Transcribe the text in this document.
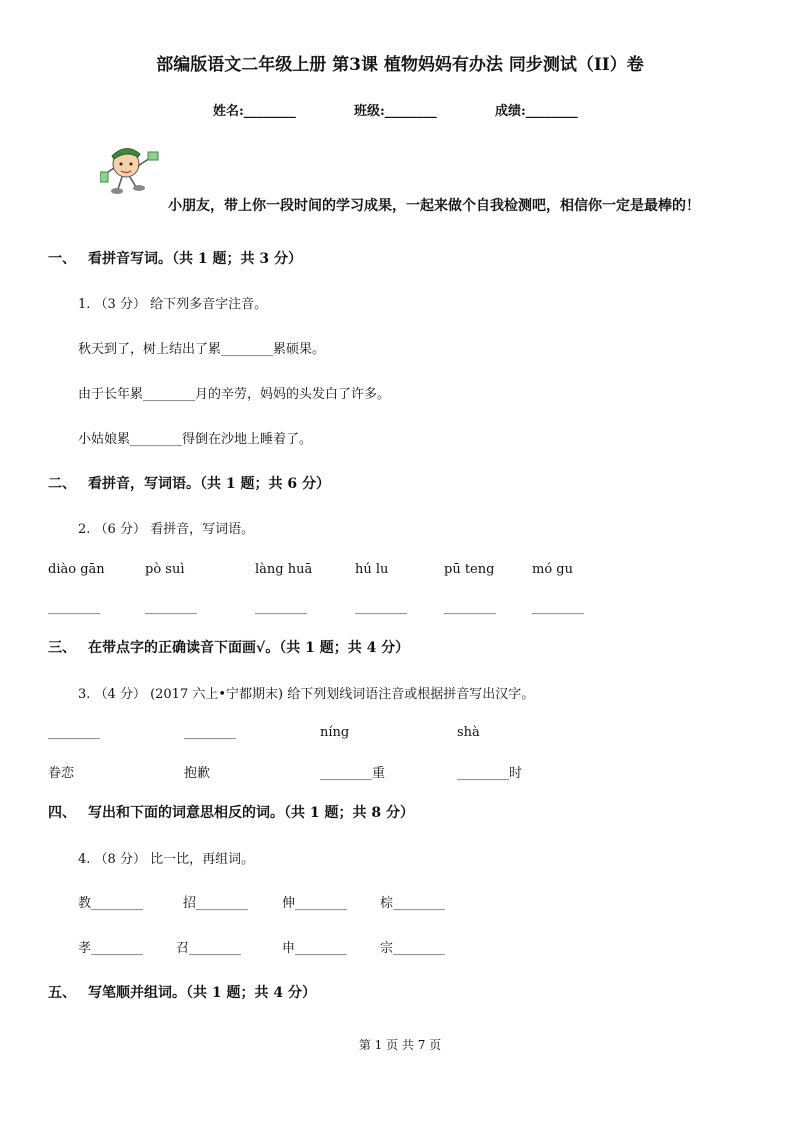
部编版语文二年级上册 第3课 植物妈妈有办法 同步测试（II）卷
姓名:________	班级:________	成绩:________
小朋友，带上你一段时间的学习成果，一起来做个自我检测吧，相信你一定是最棒的！
一、 看拼音写词。（共 1 题；共 3 分）
1. （3 分） 给下列多音字注音。
秋天到了，树上结出了累________累硕果。
由于长年累________月的辛劳，妈妈的头发白了许多。
小姑娘累________得倒在沙地上睡着了。
二、 看拼音，写词语。（共 1 题；共 6 分）
2. （6 分） 看拼音，写词语。
diào gān	pò suì	làng huā	hú lu	pū teng	mó gu
________	________	________	________	________	________
三、 在带点字的正确读音下面画√。（共 1 题；共 4 分）
3. （4 分） (2017 六上•宁都期末) 给下列划线词语注音或根据拼音写出汉字。
________	________	níng	shà
眷恋	抱歉	________重	________时
四、 写出和下面的词意思相反的词。（共 1 题；共 8 分）
4. （8 分） 比一比，再组词。
教________	招________	伸________	棕________
孝________	召________	申________	宗________
五、 写笔顺并组词。（共 1 题；共 4 分）
第 1 页 共 7 页
